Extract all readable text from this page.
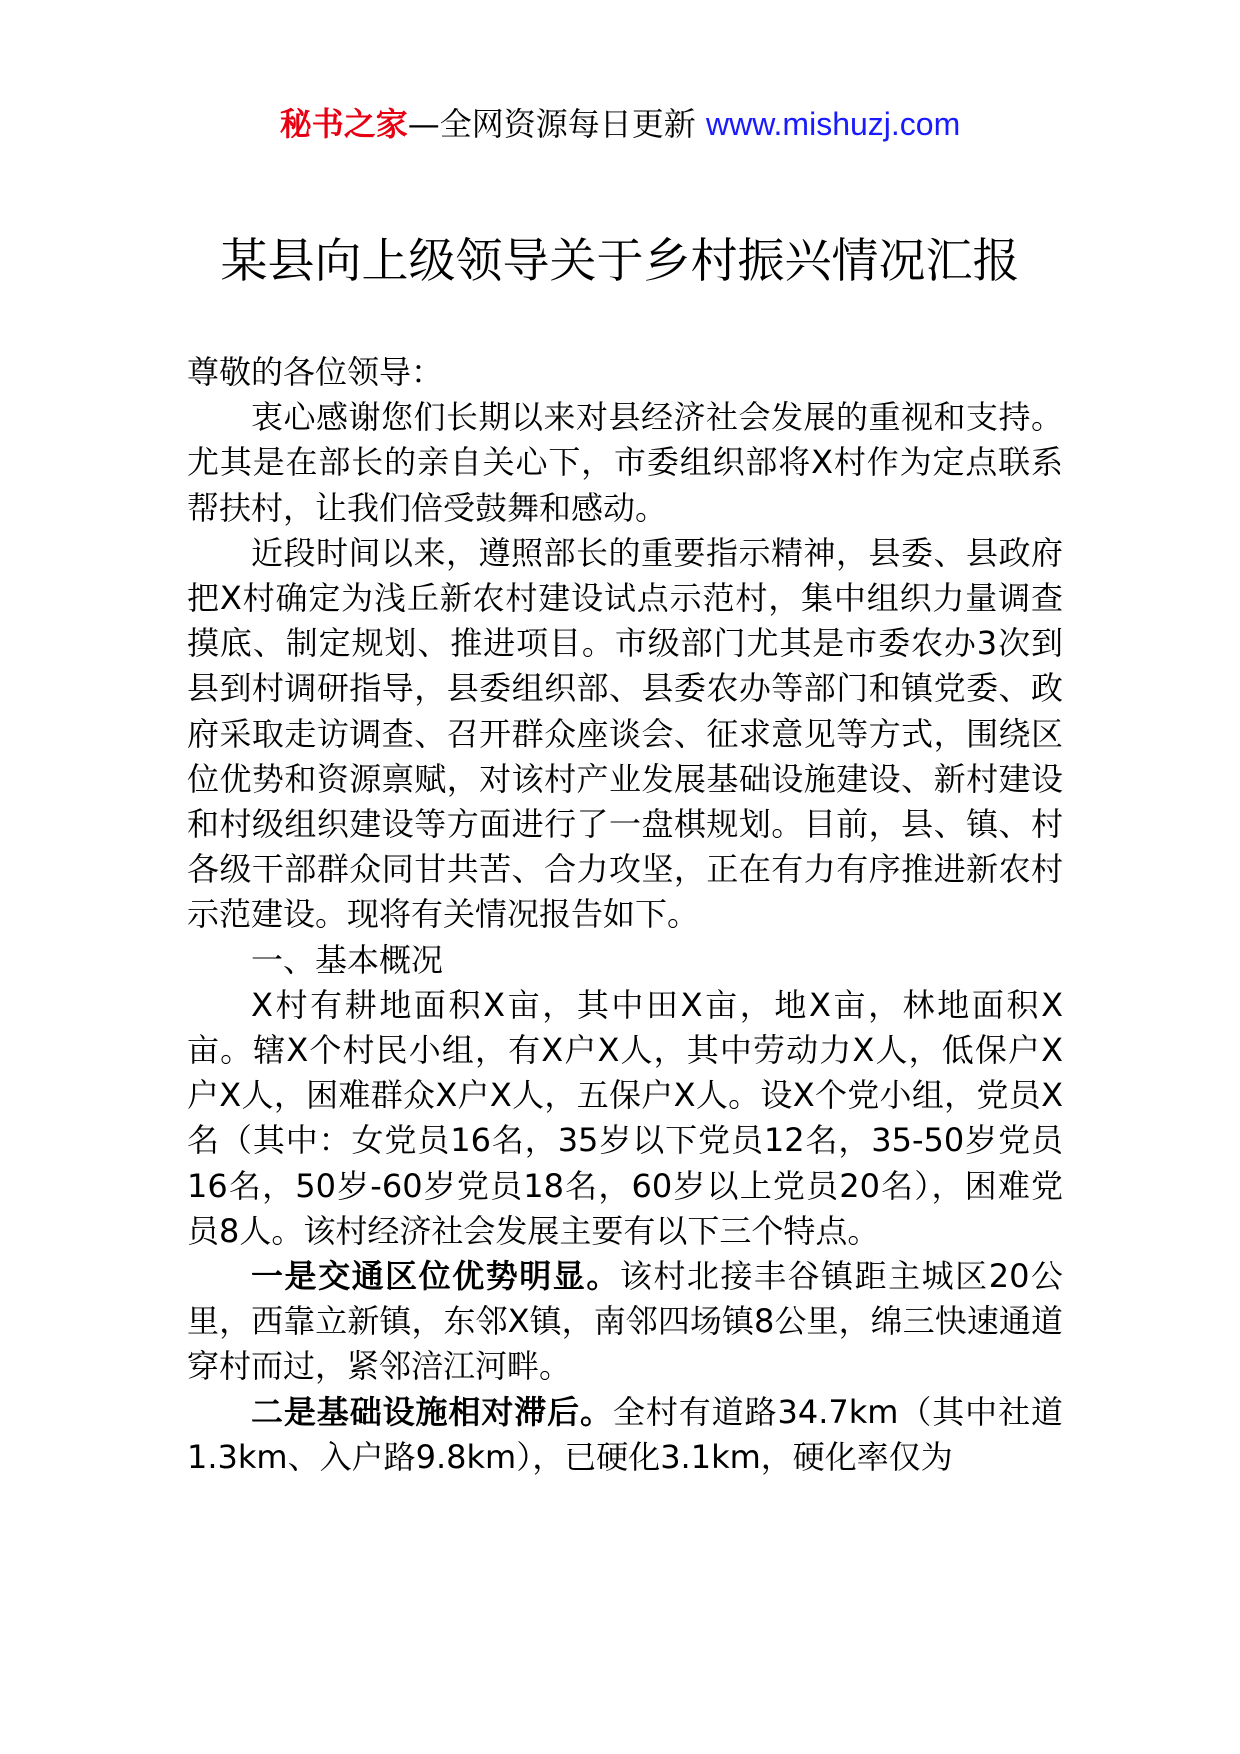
秘书之家—全网资源每日更新 www.mishuzj.com
某县向上级领导关于乡村振兴情况汇报

尊敬的各位领导：

衷心感谢您们长期以来对县经济社会发展的重视和支持。尤其是在部长的亲自关心下，市委组织部将X村作为定点联系帮扶村，让我们倍受鼓舞和感动。

近段时间以来，遵照部长的重要指示精神，县委、县政府把X村确定为浅丘新农村建设试点示范村，集中组织力量调查摸底、制定规划、推进项目。市级部门尤其是市委农办3次到县到村调研指导，县委组织部、县委农办等部门和镇党委、政府采取走访调查、召开群众座谈会、征求意见等方式，围绕区位优势和资源禀赋，对该村产业发展基础设施建设、新村建设和村级组织建设等方面进行了一盘棋规划。目前，县、镇、村各级干部群众同甘共苦、合力攻坚，正在有力有序推进新农村示范建设。现将有关情况报告如下。

一、基本概况

X村有耕地面积X亩，其中田X亩，地X亩，林地面积X亩。辖X个村民小组，有X户X人，其中劳动力X人，低保户X户X人，困难群众X户X人，五保户X人。设X个党小组，党员X名（其中：女党员16名，35岁以下党员12名，35-50岁党员16名，50岁-60岁党员18名，60岁以上党员20名），困难党员8人。该村经济社会发展主要有以下三个特点。

一是交通区位优势明显。该村北接丰谷镇距主城区20公里，西靠立新镇，东邻X镇，南邻四场镇8公里，绵三快速通道穿村而过，紧邻涪江河畔。

二是基础设施相对滞后。全村有道路34.7km（其中社道1.3km、入户路9.8km），已硬化3.1km，硬化率仅为
